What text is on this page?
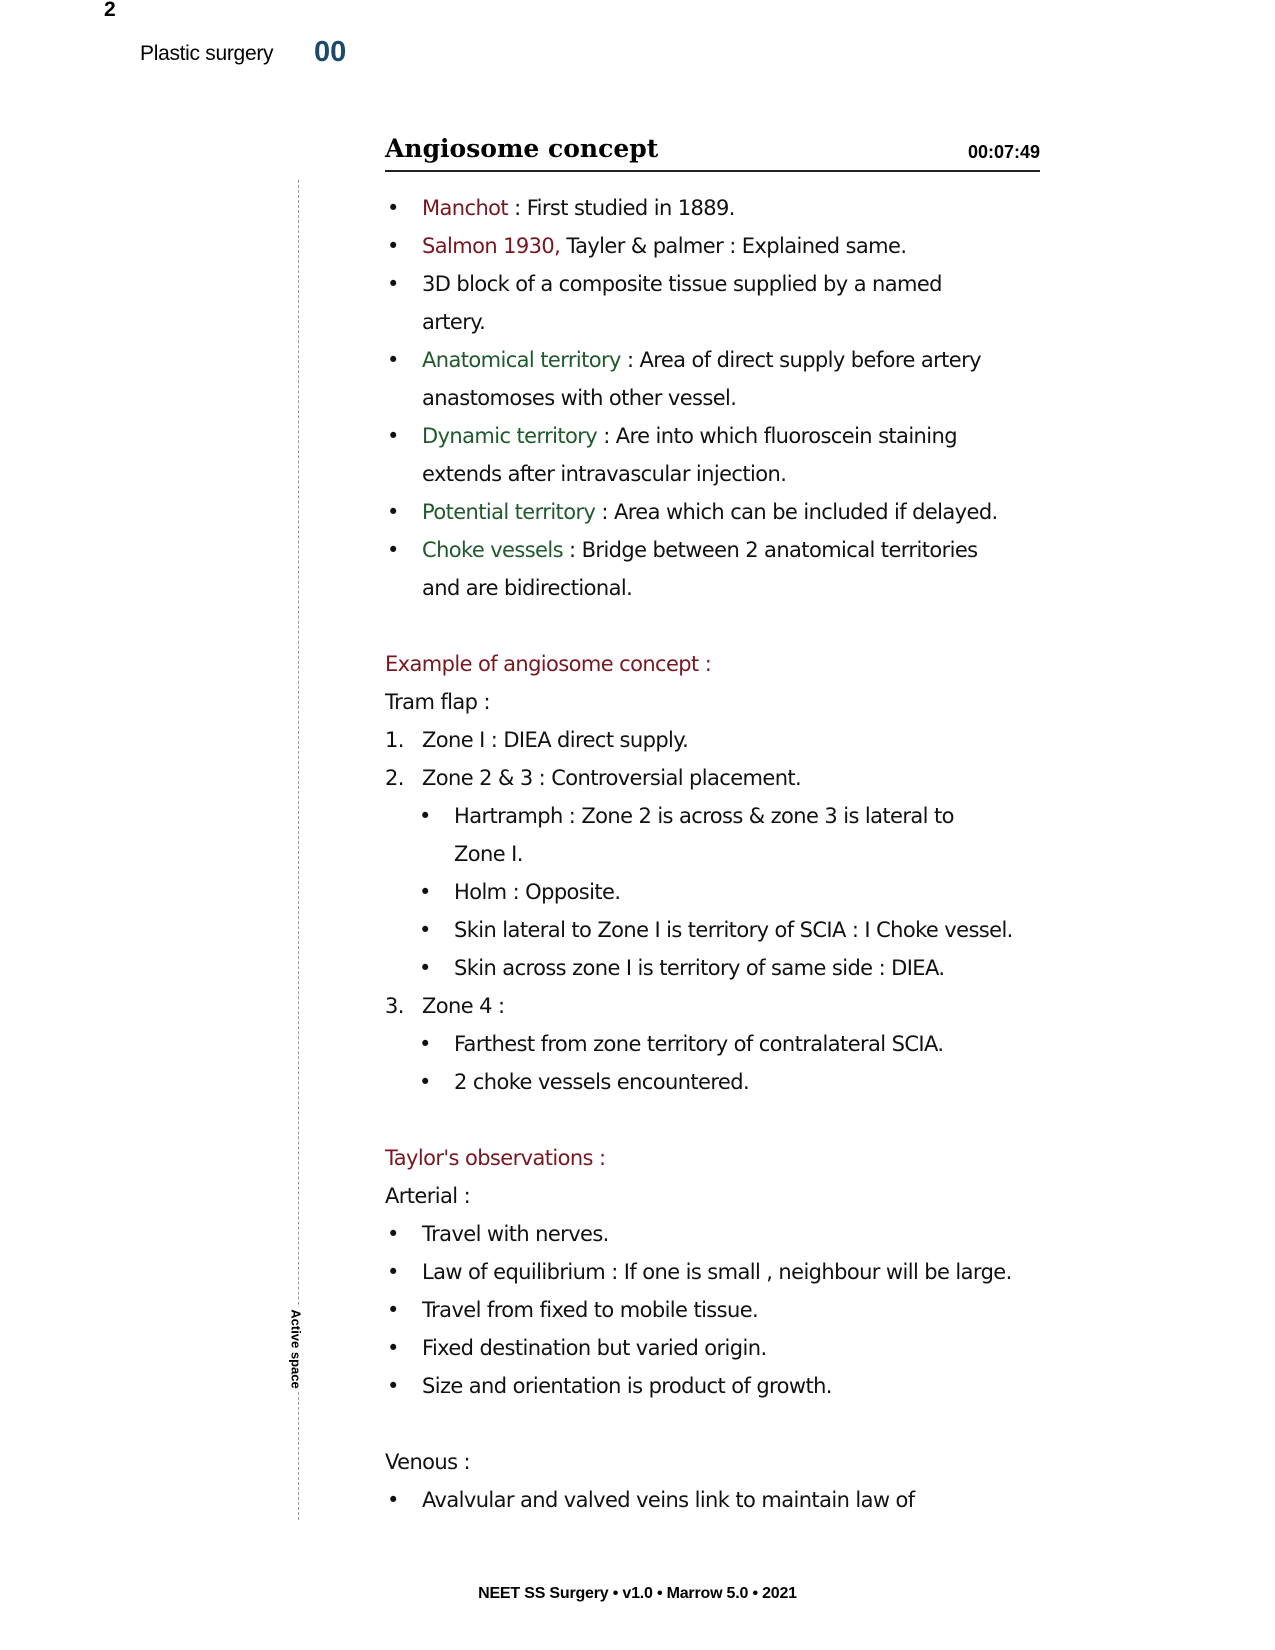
2
Plastic surgery 00
Active space
Angiosome concept	00:07:49
• Manchot : First studied in 1889.
• Salmon 1930, Tayler & palmer : Explained same.
• 3D block of a composite tissue supplied by a named
artery.
• Anatomical territory : Area of direct supply before artery
anastomoses with other vessel.
• Dynamic territory : Are into which fluoroscein staining
extends after intravascular injection.
• Potential territory : Area which can be included if delayed.
• Choke vessels : Bridge between 2 anatomical territories
and are bidirectional.
Example of angiosome concept :
Tram flap :
1. Zone I : DIEA direct supply.
2. Zone 2 & 3 : Controversial placement.
• Hartramph : Zone 2 is across & zone 3 is lateral to
Zone I.
• Holm : Opposite.
• Skin lateral to Zone I is territory of SCIA : I Choke vessel.
• Skin across zone I is territory of same side : DIEA.
3. Zone 4 :
• Farthest from zone territory of contralateral SCIA.
• 2 choke vessels encountered.
Taylor's observations :
Arterial :
• Travel with nerves.
• Law of equilibrium : If one is small , neighbour will be large.
• Travel from fixed to mobile tissue.
• Fixed destination but varied origin.
• Size and orientation is product of growth.
Venous :
• Avalvular and valved veins link to maintain law of
NEET SS Surgery • v1.0 • Marrow 5.0 • 2021
